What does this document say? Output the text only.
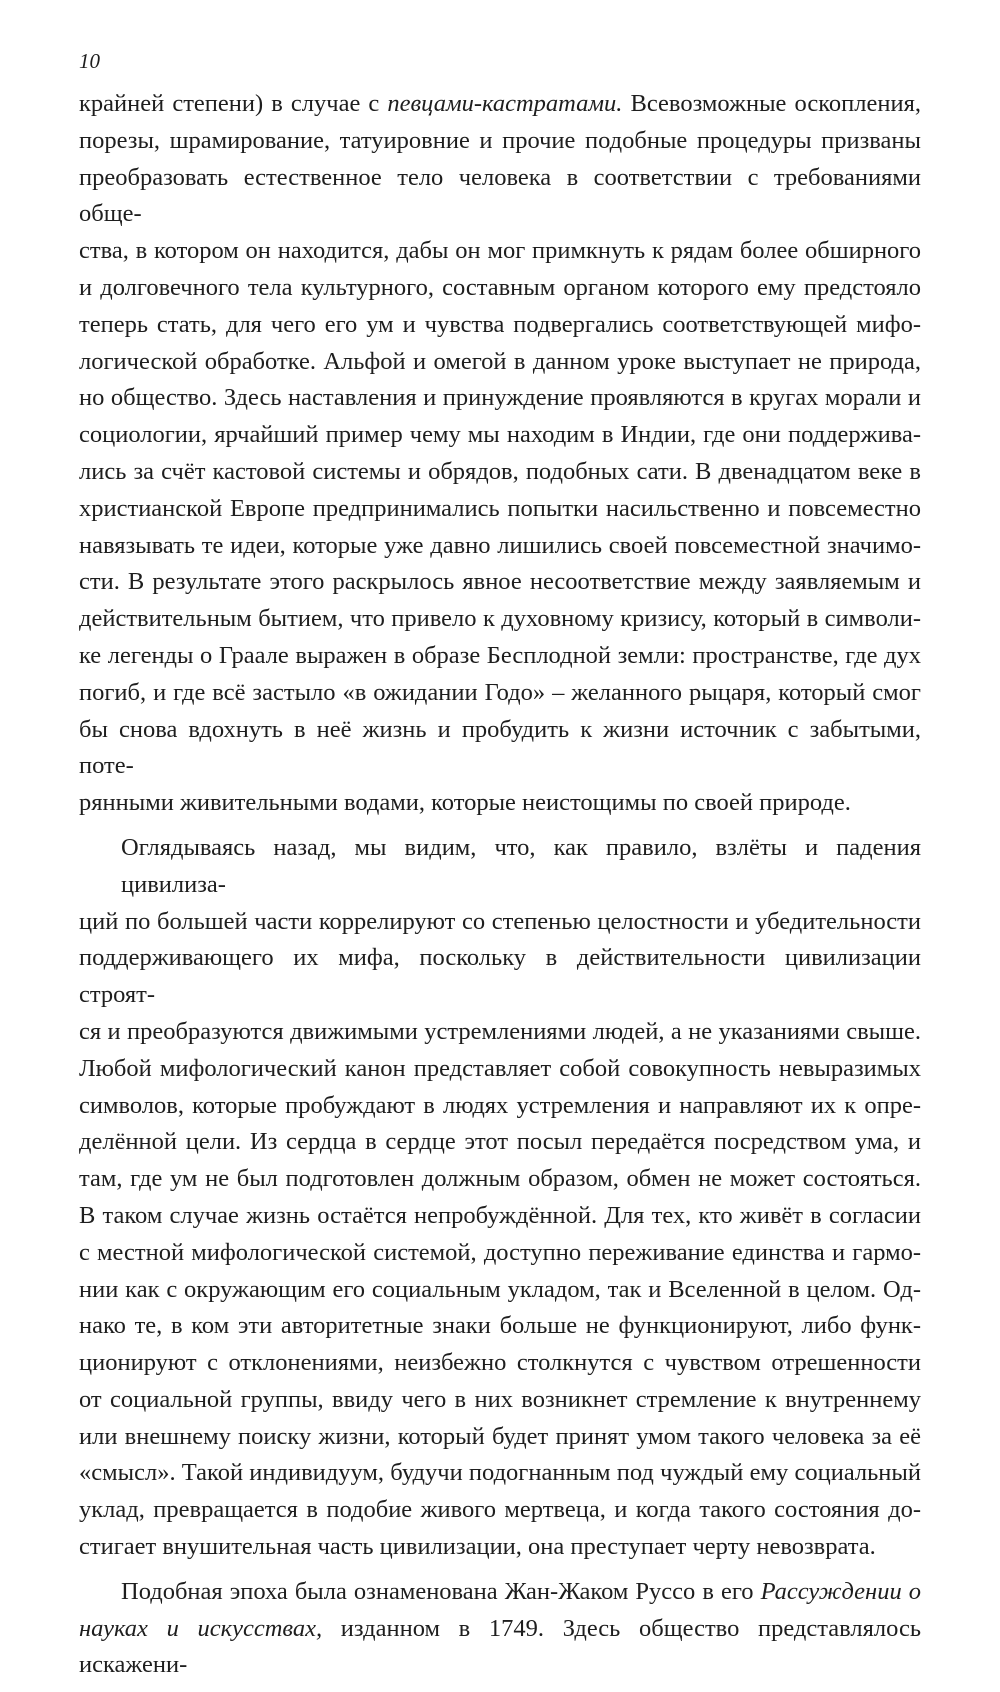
10
крайней степени) в случае с певцами-кастратами. Всевозможные оскопления,
порезы, шрамирование, татуировние и прочие подобные процедуры призваны
преобразовать естественное тело человека в соответствии с требованиями обще-
ства, в котором он находится, дабы он мог примкнуть к рядам более обширного
и долговечного тела культурного, составным органом которого ему предстояло
теперь стать, для чего его ум и чувства подвергались соответствующей мифо-
логической обработке. Альфой и омегой в данном уроке выступает не природа,
но общество. Здесь наставления и принуждение проявляются в кругах морали и
социологии, ярчайший пример чему мы находим в Индии, где они поддержива-
лись за счёт кастовой системы и обрядов, подобных сати. В двенадцатом веке в
христианской Европе предпринимались попытки насильственно и повсеместно
навязывать те идеи, которые уже давно лишились своей повсеместной значимо-
сти. В результате этого раскрылось явное несоответствие между заявляемым и
действительным бытием, что привело к духовному кризису, который в символи-
ке легенды о Граале выражен в образе Бесплодной земли: пространстве, где дух
погиб, и где всё застыло «в ожидании Годо» – желанного рыцаря, который смог
бы снова вдохнуть в неё жизнь и пробудить к жизни источник с забытыми, поте-
рянными живительными водами, которые неистощимы по своей природе.
Оглядываясь назад, мы видим, что, как правило, взлёты и падения цивилиза-
ций по большей части коррелируют со степенью целостности и убедительности
поддерживающего их мифа, поскольку в действительности цивилизации строят-
ся и преобразуются движимыми устремлениями людей, а не указаниями свыше.
Любой мифологический канон представляет собой совокупность невыразимых
символов, которые пробуждают в людях устремления и направляют их к опре-
делённой цели. Из сердца в сердце этот посыл передаётся посредством ума, и
там, где ум не был подготовлен должным образом, обмен не может состояться.
В таком случае жизнь остаётся непробуждённой. Для тех, кто живёт в согласии
с местной мифологической системой, доступно переживание единства и гармо-
нии как с окружающим его социальным укладом, так и Вселенной в целом. Од-
нако те, в ком эти авторитетные знаки больше не функционируют, либо функ-
ционируют с отклонениями, неизбежно столкнутся с чувством отрешенности
от социальной группы, ввиду чего в них возникнет стремление к внутреннему
или внешнему поиску жизни, который будет принят умом такого человека за её
«смысл». Такой индивидуум, будучи подогнанным под чуждый ему социальный
уклад, превращается в подобие живого мертвеца, и когда такого состояния до-
стигает внушительная часть цивилизации, она преступает черту невозврата.
Подобная эпоха была ознаменована Жан-Жаком Руссо в его Рассуждении о
науках и искусствах, изданном в 1749. Здесь общество представлялось искажени-
